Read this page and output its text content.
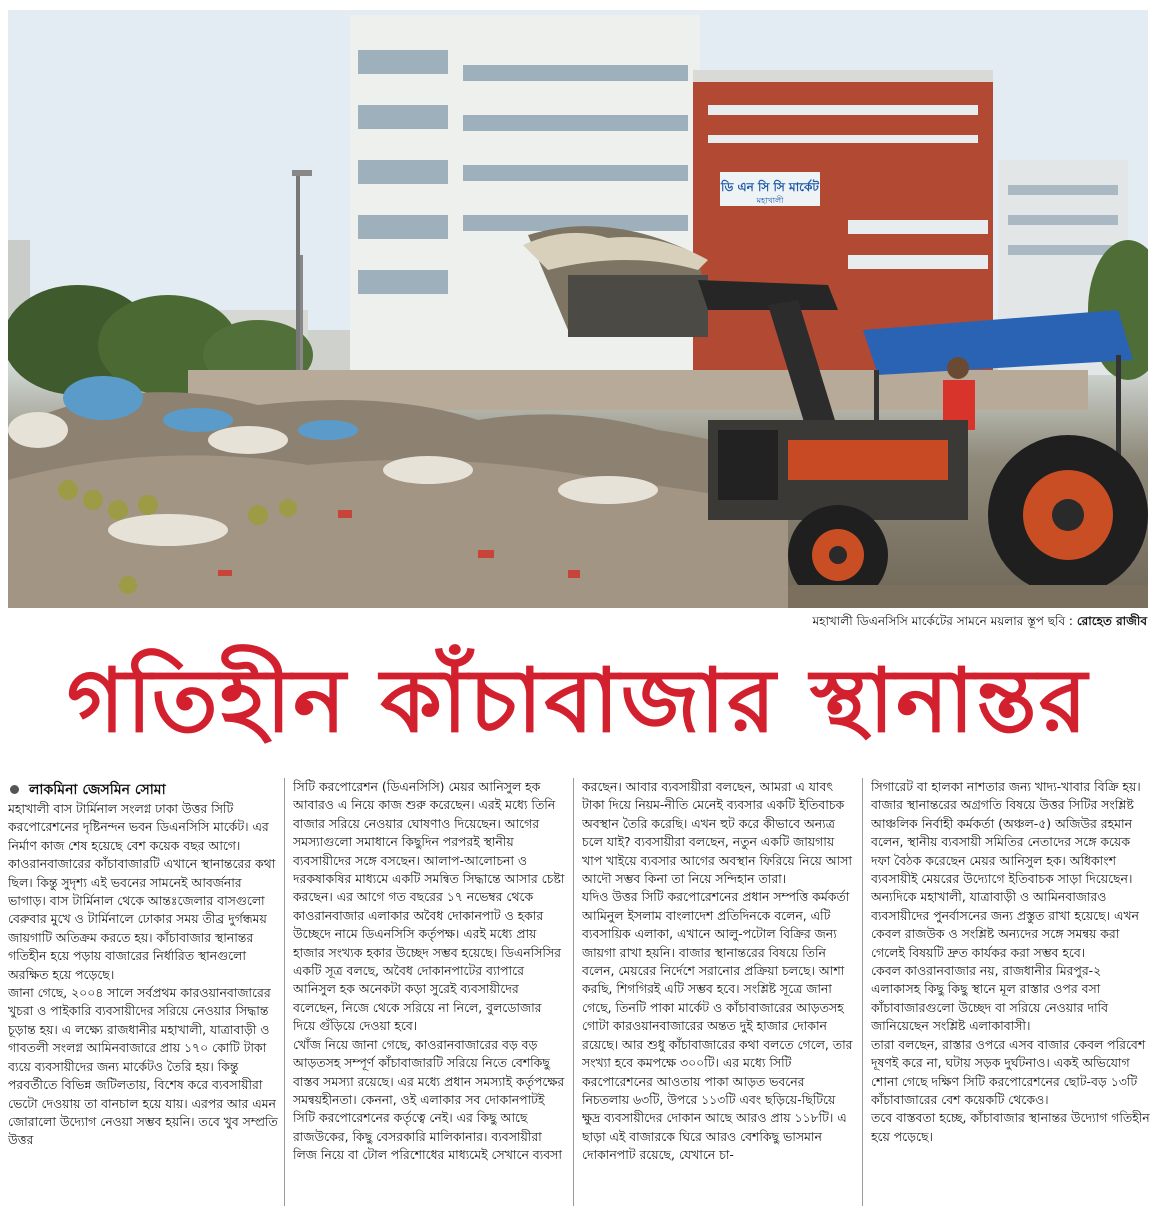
ডি এন সি সি মার্কেট
মহাখালী
মহাখালী ডিএনসিসি মার্কেটের সামনে ময়লার স্তূপ ছবি : রোহেত রাজীব
গতিহীন কাঁচাবাজার স্থানান্তর
লাকমিনা জেসমিন সোমা

মহাখালী বাস টার্মিনাল সংলগ্ন ঢাকা উত্তর সিটি করপোরেশনের দৃষ্টিনন্দন ভবন ডিএনসিসি মার্কেট। এর নির্মাণ কাজ শেষ হয়েছে বেশ কয়েক বছর আগে। কাওরানবাজারের কাঁচাবাজারটি এখানে স্থানান্তরের কথা ছিল। কিন্তু সুদৃশ্য এই ভবনের সামনেই আবর্জনার ভাগাড়। বাস টার্মিনাল থেকে আন্তঃজেলার বাসগুলো বেরুবার মুখে ও টার্মিনালে ঢোকার সময় তীব্র দুর্গন্ধময় জায়গাটি অতিক্রম করতে হয়। কাঁচাবাজার স্থানান্তর গতিহীন হয়ে পড়ায় বাজারের নির্ধারিত স্থানগুলো অরক্ষিত হয়ে পড়েছে।

জানা গেছে, ২০০৪ সালে সর্বপ্রথম কারওয়ানবাজারের খুচরা ও পাইকারি ব্যবসায়ীদের সরিয়ে নেওয়ার সিদ্ধান্ত চূড়ান্ত হয়। এ লক্ষ্যে রাজধানীর মহাখালী, যাত্রাবাড়ী ও গাবতলী সংলগ্ন আমিনবাজারে প্রায় ১৭০ কোটি টাকা ব্যয়ে ব্যবসায়ীদের জন্য মার্কেটও তৈরি হয়। কিন্তু পরবর্তীতে বিভিন্ন জটিলতায়, বিশেষ করে ব্যবসায়ীরা ভেটো দেওয়ায় তা বানচাল হয়ে যায়। এরপর আর এমন জোরালো উদ্যোগ নেওয়া সম্ভব হয়নি। তবে খুব সম্প্রতি উত্তর

সিটি করপোরেশন (ডিএনসিসি) মেয়র আনিসুল হক আবারও এ নিয়ে কাজ শুরু করেছেন। এরই মধ্যে তিনি বাজার সরিয়ে নেওয়ার ঘোষণাও দিয়েছেন। আগের সমস্যাগুলো সমাধানে কিছুদিন পরপরই স্থানীয় ব্যবসায়ীদের সঙ্গে বসছেন। আলাপ-আলোচনা ও দরকষাকষির মাধ্যমে একটি সমন্বিত সিদ্ধান্তে আসার চেষ্টা করছেন। এর আগে গত বছরের ১৭ নভেম্বর থেকে কাওরানবাজার এলাকার অবৈধ দোকানপাট ও হকার উচ্ছেদে নামে ডিএনসিসি কর্তৃপক্ষ। এরই মধ্যে প্রায় হাজার সংখ্যক হকার উচ্ছেদ সম্ভব হয়েছে। ডিএনসিসির একটি সূত্র বলছে, অবৈধ দোকানপাটের ব্যাপারে আনিসুল হক অনেকটা কড়া সুরেই ব্যবসায়ীদের বলেছেন, নিজে থেকে সরিয়ে না নিলে, বুলডোজার দিয়ে গুঁড়িয়ে দেওয়া হবে।

খোঁজ নিয়ে জানা গেছে, কাওরানবাজারের বড় বড় আড়তসহ সম্পূর্ণ কাঁচাবাজারটি সরিয়ে নিতে বেশকিছু বাস্তব সমস্যা রয়েছে। এর মধ্যে প্রধান সমস্যাই কর্তৃপক্ষের সমন্বয়হীনতা। কেননা, ওই এলাকার সব দোকানপাটই সিটি করপোরেশনের কর্তৃত্বে নেই। এর কিছু আছে রাজউকের, কিছু বেসরকারি মালিকানার। ব্যবসায়ীরা লিজ নিয়ে বা টোল পরিশোধের মাধ্যমেই সেখানে ব্যবসা

করছেন। আবার ব্যবসায়ীরা বলছেন, আমরা এ যাবৎ টাকা দিয়ে নিয়ম-নীতি মেনেই ব্যবসার একটি ইতিবাচক অবস্থান তৈরি করেছি। এখন হুট করে কীভাবে অন্যত্র চলে যাই? ব্যবসায়ীরা বলছেন, নতুন একটি জায়গায় খাপ খাইয়ে ব্যবসার আগের অবস্থান ফিরিয়ে নিয়ে আসা আদৌ সম্ভব কিনা তা নিয়ে সন্দিহান তারা।

যদিও উত্তর সিটি করপোরেশনের প্রধান সম্পত্তি কর্মকর্তা আমিনুল ইসলাম বাংলাদেশ প্রতিদিনকে বলেন, এটি ব্যবসায়িক এলাকা, এখানে আলু-পটোল বিক্রির জন্য জায়গা রাখা হয়নি। বাজার স্থানান্তরের বিষয়ে তিনি বলেন, মেয়রের নির্দেশে সরানোর প্রক্রিয়া চলছে। আশা করছি, শিগগিরই এটি সম্ভব হবে। সংশ্লিষ্ট সূত্রে জানা গেছে, তিনটি পাকা মার্কেট ও কাঁচাবাজারের আড়তসহ গোটা কারওয়ানবাজারের অন্তত দুই হাজার দোকান রয়েছে। আর শুধু কাঁচাবাজারের কথা বলতে গেলে, তার সংখ্যা হবে কমপক্ষে ৩০০টি। এর মধ্যে সিটি করপোরেশনের আওতায় পাকা আড়ত ভবনের নিচতলায় ৬৩টি, উপরে ১১৩টি এবং ছড়িয়ে-ছিটিয়ে ক্ষুদ্র ব্যবসায়ীদের দোকান আছে আরও প্রায় ১১৮টি। এ ছাড়া এই বাজারকে ঘিরে আরও বেশকিছু ভাসমান দোকানপাট রয়েছে, যেখানে চা-

সিগারেট বা হালকা নাশতার জন্য খাদ্য-খাবার বিক্রি হয়। বাজার স্থানান্তরের অগ্রগতি বিষয়ে উত্তর সিটির সংশ্লিষ্ট আঞ্চলিক নির্বাহী কর্মকর্তা (অঞ্চল-৫) অজিউর রহমান বলেন, স্থানীয় ব্যবসায়ী সমিতির নেতাদের সঙ্গে কয়েক দফা বৈঠক করেছেন মেয়র আনিসুল হক। অধিকাংশ ব্যবসায়ীই মেয়রের উদ্যোগে ইতিবাচক সাড়া দিয়েছেন। অন্যদিকে মহাখালী, যাত্রাবাড়ী ও আমিনবাজারও ব্যবসায়ীদের পুনর্বাসনের জন্য প্রস্তুত রাখা হয়েছে। এখন কেবল রাজউক ও সংশ্লিষ্ট অন্যদের সঙ্গে সমন্বয় করা গেলেই বিষয়টি দ্রুত কার্যকর করা সম্ভব হবে।

কেবল কাওরানবাজার নয়, রাজধানীর মিরপুর-২ এলাকাসহ কিছু কিছু স্থানে মূল রাস্তার ওপর বসা কাঁচাবাজারগুলো উচ্ছেদ বা সরিয়ে নেওয়ার দাবি জানিয়েছেন সংশ্লিষ্ট এলাকাবাসী।

তারা বলছেন, রাস্তার ওপরে এসব বাজার কেবল পরিবেশ দূষণই করে না, ঘটায় সড়ক দুর্ঘটনাও। একই অভিযোগ শোনা গেছে দক্ষিণ সিটি করপোরেশনের ছোট-বড় ১৩টি কাঁচাবাজারের বেশ কয়েকটি থেকেও।

তবে বাস্তবতা হচ্ছে, কাঁচাবাজার স্থানান্তর উদ্যোগ গতিহীন হয়ে পড়েছে।
